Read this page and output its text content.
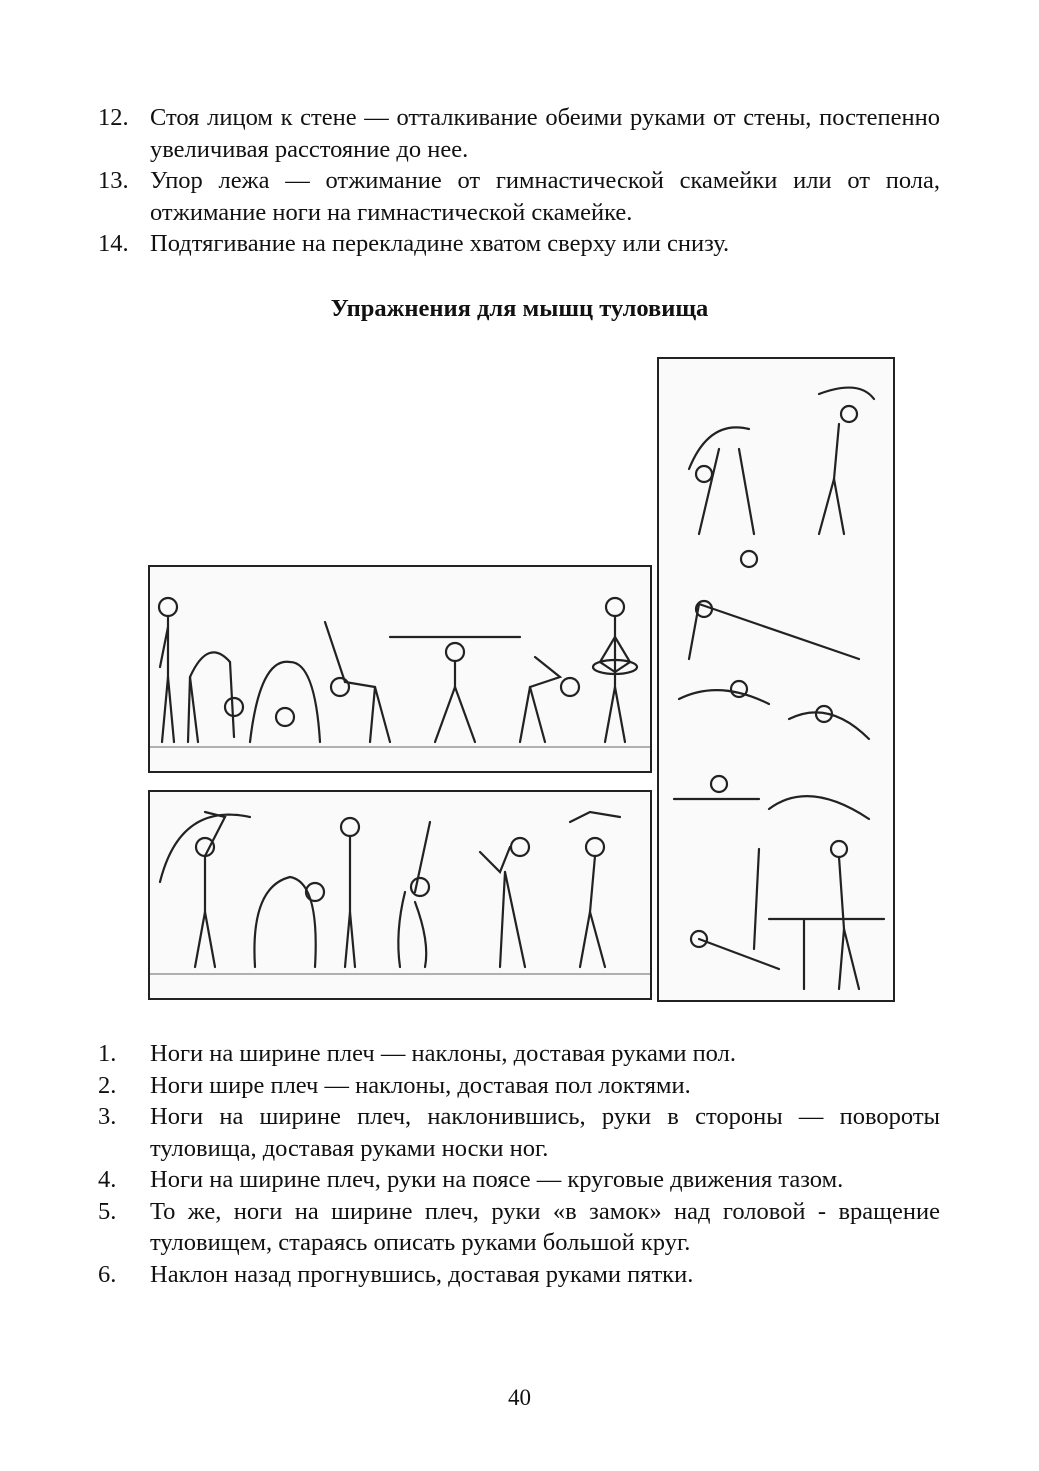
12. Стоя лицом к стене — отталкивание обеими руками от стены, постепенно увеличивая расстояние до нее.
13. Упор лежа — отжимание от гимнастической скамейки или от пола, отжимание ноги на гимнастической скамейке.
14. Подтягивание на перекладине хватом сверху или снизу.
Упражнения для мышц туловища
1.	Ноги на ширине плеч — наклоны, доставая руками пол.
2.	Ноги шире плеч — наклоны, доставая пол локтями.
3.	Ноги на ширине плеч, наклонившись, руки в стороны — повороты туловища, доставая руками носки ног.
4.	Ноги на ширине плеч, руки на поясе — круговые движения тазом.
5.	То же, ноги на ширине плеч, руки «в замок» над головой - вращение туловищем, стараясь описать руками большой круг.
6.	Наклон назад прогнувшись, доставая руками пятки.

40
